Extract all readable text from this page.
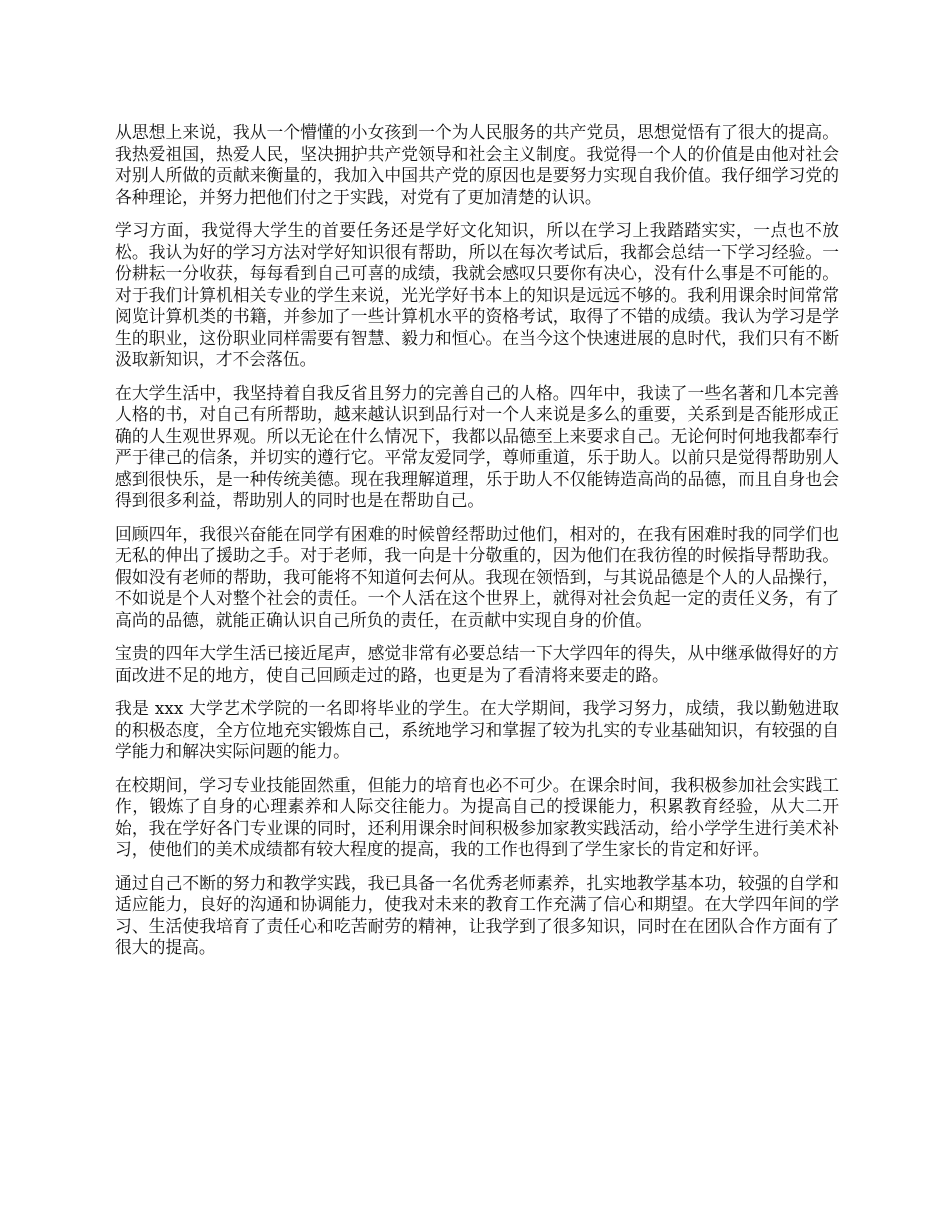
从思想上来说，我从一个懵懂的小女孩到一个为人民服务的共产党员，思想觉悟有了很大的提高。我热爱祖国，热爱人民，坚决拥护共产党领导和社会主义制度。我觉得一个人的价值是由他对社会对别人所做的贡献来衡量的，我加入中国共产党的原因也是要努力实现自我价值。我仔细学习党的各种理论，并努力把他们付之于实践，对党有了更加清楚的认识。

学习方面，我觉得大学生的首要任务还是学好文化知识，所以在学习上我踏踏实实，一点也不放松。我认为好的学习方法对学好知识很有帮助，所以在每次考试后，我都会总结一下学习经验。一份耕耘一分收获，每每看到自己可喜的成绩，我就会感叹只要你有决心，没有什么事是不可能的。对于我们计算机相关专业的学生来说，光光学好书本上的知识是远远不够的。我利用课余时间常常阅览计算机类的书籍，并参加了一些计算机水平的资格考试，取得了不错的成绩。我认为学习是学生的职业，这份职业同样需要有智慧、毅力和恒心。在当今这个快速进展的息时代，我们只有不断汲取新知识，才不会落伍。

在大学生活中，我坚持着自我反省且努力的完善自己的人格。四年中，我读了一些名著和几本完善人格的书，对自己有所帮助，越来越认识到品行对一个人来说是多么的重要，关系到是否能形成正确的人生观世界观。所以无论在什么情况下，我都以品德至上来要求自己。无论何时何地我都奉行严于律己的信条，并切实的遵行它。平常友爱同学，尊师重道，乐于助人。以前只是觉得帮助别人感到很快乐，是一种传统美德。现在我理解道理，乐于助人不仅能铸造高尚的品德，而且自身也会得到很多利益，帮助别人的同时也是在帮助自己。

回顾四年，我很兴奋能在同学有困难的时候曾经帮助过他们，相对的，在我有困难时我的同学们也无私的伸出了援助之手。对于老师，我一向是十分敬重的，因为他们在我彷徨的时候指导帮助我。假如没有老师的帮助，我可能将不知道何去何从。我现在领悟到，与其说品德是个人的人品操行，不如说是个人对整个社会的责任。一个人活在这个世界上，就得对社会负起一定的责任义务，有了高尚的品德，就能正确认识自己所负的责任，在贡献中实现自身的价值。

宝贵的四年大学生活已接近尾声，感觉非常有必要总结一下大学四年的得失，从中继承做得好的方面改进不足的地方，使自己回顾走过的路，也更是为了看清将来要走的路。

我是 xxx 大学艺术学院的一名即将毕业的学生。在大学期间，我学习努力，成绩，我以勤勉进取的积极态度，全方位地充实锻炼自己，系统地学习和掌握了较为扎实的专业基础知识，有较强的自学能力和解决实际问题的能力。

在校期间，学习专业技能固然重，但能力的培育也必不可少。在课余时间，我积极参加社会实践工作，锻炼了自身的心理素养和人际交往能力。为提高自己的授课能力，积累教育经验，从大二开始，我在学好各门专业课的同时，还利用课余时间积极参加家教实践活动，给小学学生进行美术补习，使他们的美术成绩都有较大程度的提高，我的工作也得到了学生家长的肯定和好评。

通过自己不断的努力和教学实践，我已具备一名优秀老师素养，扎实地教学基本功，较强的自学和适应能力，良好的沟通和协调能力，使我对未来的教育工作充满了信心和期望。在大学四年间的学习、生活使我培育了责任心和吃苦耐劳的精神，让我学到了很多知识，同时在在团队合作方面有了很大的提高。
